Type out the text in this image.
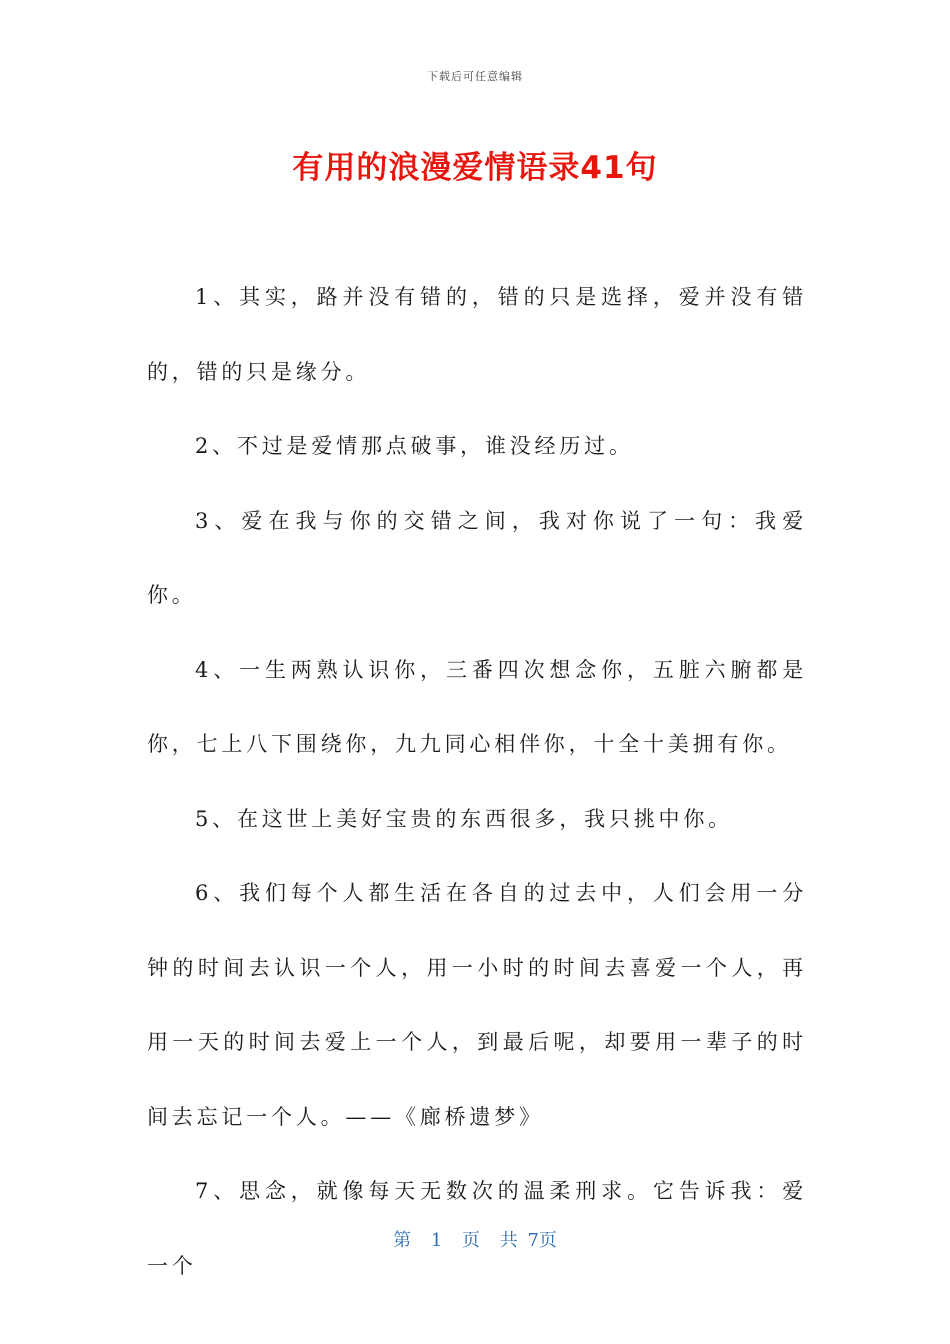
下载后可任意编辑
有用的浪漫爱情语录41句

1、其实，路并没有错的，错的只是选择，爱并没有错的，错的只是缘分。

2、不过是爱情那点破事，谁没经历过。

3、爱在我与你的交错之间，我对你说了一句：我爱你。

4、一生两熟认识你，三番四次想念你，五脏六腑都是你，七上八下围绕你，九九同心相伴你，十全十美拥有你。

5、在这世上美好宝贵的东西很多，我只挑中你。

6、我们每个人都生活在各自的过去中，人们会用一分钟的时间去认识一个人，用一小时的时间去喜爱一个人，再用一天的时间去爱上一个人，到最后呢，却要用一辈子的时间去忘记一个人。——《廊桥遗梦》

7、思念，就像每天无数次的温柔刑求。它告诉我：爱一个

第 1 页 共 7页
